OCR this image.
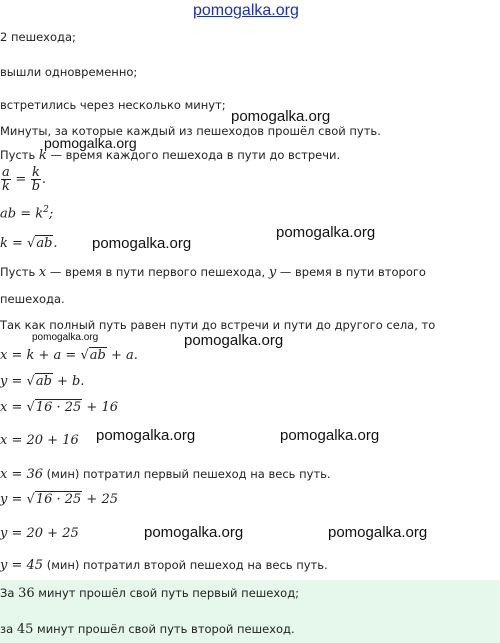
pomogalka.org
2 пешехода;
вышли одновременно;
встретились через несколько минут;
pomogalka.org
Минуты, за которые каждый из пешеходов прошёл свой путь.
pomogalka.org
Пусть k — время каждого пешехода в пути до встречи.
$\frac{a}{k} = \frac{k}{b}$ .
ab = $k^2$;
k = √ab. pomogalka.org
pomogalka.org
Пусть x — время в пути первого пешехода, y — время в пути второго
пешехода.
Так как полный путь равен пути до встречи и пути до другого села, то
pomogalka.org	pomogalka.org
x = k + a = √ab + a.
y = √ab + b.
x = √16 · 25 + 16
x = 20 + 16 pomogalka.org	pomogalka.org
x = 36 (мин) потратил первый пешеход на весь путь.
y = √16 · 25 + 25
y = 20 + 25	pomogalka.org	pomogalka.org
y = 45 (мин) потратил второй пешеход на весь путь.
За 36 минут прошёл свой путь первый пешеход;
за 45 минут прошёл свой путь второй пешеход.
